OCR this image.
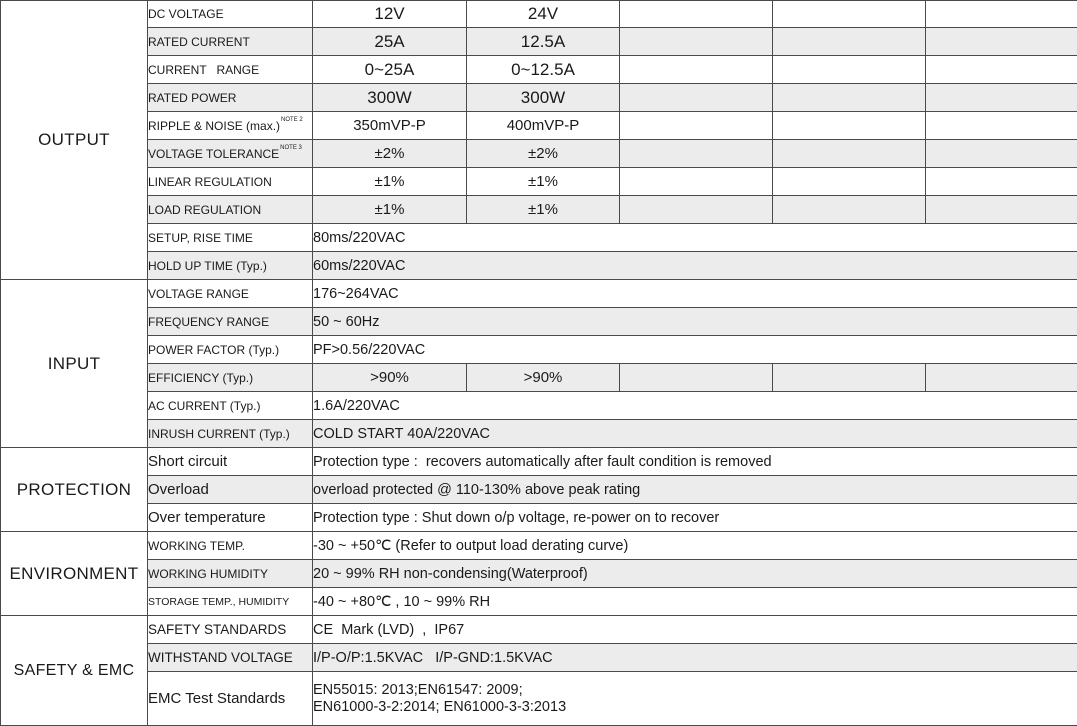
OUTPUT	DC VOLTAGE	12V	24V			
	RATED CURRENT	25A	12.5A			
	CURRENT   RANGE	0~25A	0~12.5A			
	RATED POWER	300W	300W			
	RIPPLE & NOISE (max.)$^{NOTE 2}$	350mVP-P	400mVP-P			
	VOLTAGE TOLERANCE$^{NOTE 3}$	±2%	±2%			
	LINEAR REGULATION	±1%	±1%			
	LOAD REGULATION	±1%	±1%			
	SETUP, RISE TIME	80ms/220VAC				
	HOLD UP TIME (Typ.)	60ms/220VAC				
INPUT	VOLTAGE RANGE	176~264VAC				
	FREQUENCY RANGE	50 ~ 60Hz				
	POWER FACTOR (Typ.)	PF>0.56/220VAC				
	EFFICIENCY (Typ.)	>90%	>90%			
	AC CURRENT (Typ.)	1.6A/220VAC				
	INRUSH CURRENT (Typ.)	COLD START 40A/220VAC				
PROTECTION	Short circuit	Protection type :  recovers automatically after fault condition is removed				
	Overload	overload protected @ 110-130% above peak rating				
	Over temperature	Protection type : Shut down o/p voltage, re-power on to recover				
ENVIRONMENT	WORKING TEMP.	-30 ~ +50℃ (Refer to output load derating curve)				
	WORKING HUMIDITY	20 ~ 99% RH non-condensing(Waterproof)				
	STORAGE TEMP., HUMIDITY	-40 ~ +80℃ , 10 ~ 99% RH				
SAFETY & EMC	SAFETY STANDARDS	CE  Mark (LVD)  ,  IP67				
	WITHSTAND VOLTAGE	I/P-O/P:1.5KVAC   I/P-GND:1.5KVAC				
	EMC Test Standards	EN55015: 2013;EN61547: 2009;
EN61000-3-2:2014; EN61000-3-3:2013				
